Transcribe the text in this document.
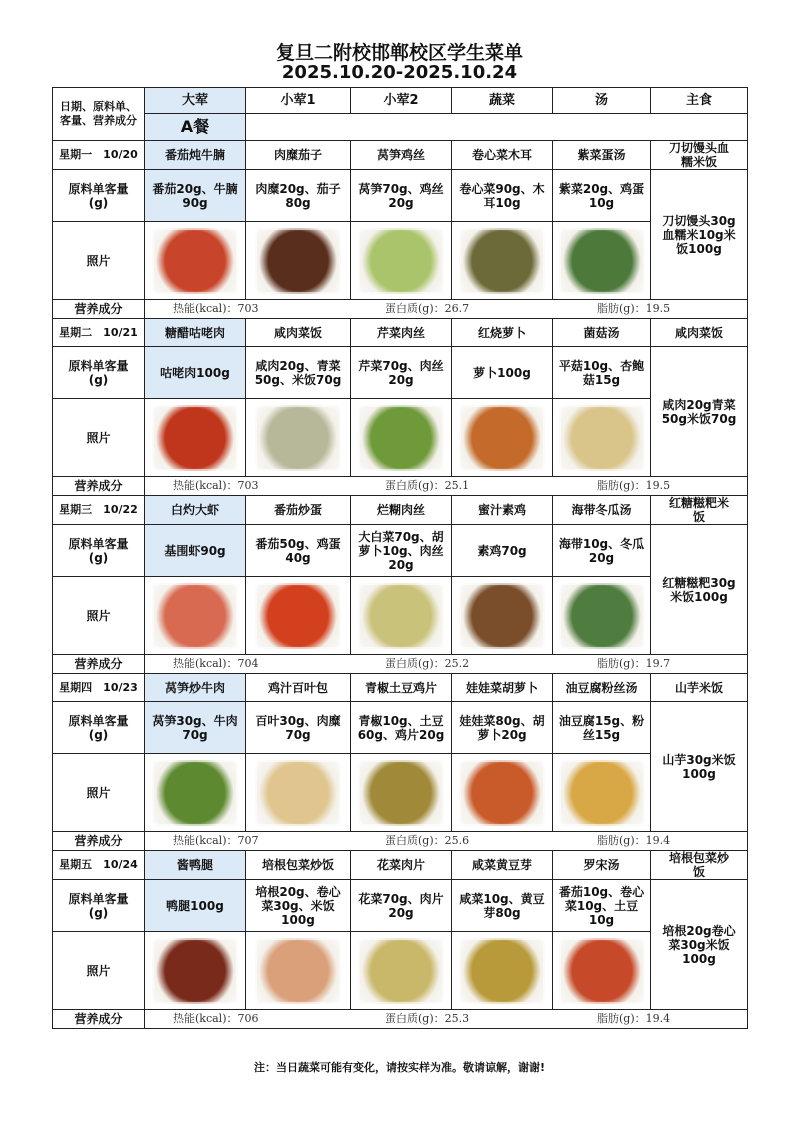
复旦二附校邯郸校区学生菜单
2025.10.20-2025.10.24
日期、原料单、客量、营养成分	大荤	小荤1	小荤2	蔬菜	汤	主食
	A餐					
星期一　10/20	番茄炖牛腩	肉糜茄子	莴笋鸡丝	卷心菜木耳	紫菜蛋汤	刀切馒头血糯米饭
原料单客量(g)	番茄20g、牛腩90g	肉糜20g、茄子80g	莴笋70g、鸡丝20g	卷心菜90g、木耳10g	紫菜20g、鸡蛋10g	刀切馒头30g血糯米10g米饭100g
照片		

营养成分	热能(kcal)：703 蛋白质(g)：26.7 脂肪(g)：19.5					

星期二　10/21	糖醋咕咾肉	咸肉菜饭	芹菜肉丝	红烧萝卜	菌菇汤	咸肉菜饭
原料单客量(g)	咕咾肉100g	咸肉20g、青菜50g、米饭70g	芹菜70g、肉丝20g	萝卜100g	平菇10g、杏鲍菇15g	咸肉20g青菜50g米饭70g
照片		

营养成分	热能(kcal)：703 蛋白质(g)：25.1 脂肪(g)：19.5					

星期三　10/22	白灼大虾	番茄炒蛋	烂糊肉丝	蜜汁素鸡	海带冬瓜汤	红糖糍粑米饭
原料单客量(g)	基围虾90g	番茄50g、鸡蛋40g	大白菜70g、胡萝卜10g、肉丝20g	素鸡70g	海带10g、冬瓜20g	红糖糍粑30g米饭100g
照片		

营养成分	热能(kcal)：704 蛋白质(g)：25.2 脂肪(g)：19.7					

星期四　10/23	莴笋炒牛肉	鸡汁百叶包	青椒土豆鸡片	娃娃菜胡萝卜	油豆腐粉丝汤	山芋米饭
原料单客量(g)	莴笋30g、牛肉70g	百叶30g、肉糜70g	青椒10g、土豆60g、鸡片20g	娃娃菜80g、胡萝卜20g	油豆腐15g、粉丝15g	山芋30g米饭100g
照片		

营养成分	热能(kcal)：707 蛋白质(g)：25.6 脂肪(g)：19.4					

星期五　10/24	酱鸭腿	培根包菜炒饭	花菜肉片	咸菜黄豆芽	罗宋汤	培根包菜炒饭
原料单客量(g)	鸭腿100g	培根20g、卷心菜30g、米饭100g	花菜70g、肉片20g	咸菜10g、黄豆芽80g	番茄10g、卷心菜10g、土豆10g	培根20g卷心菜30g米饭100g
照片		

营养成分	热能(kcal)：706 蛋白质(g)：25.3 脂肪(g)：19.4					
注：当日蔬菜可能有变化，请按实样为准。敬请谅解，谢谢!
